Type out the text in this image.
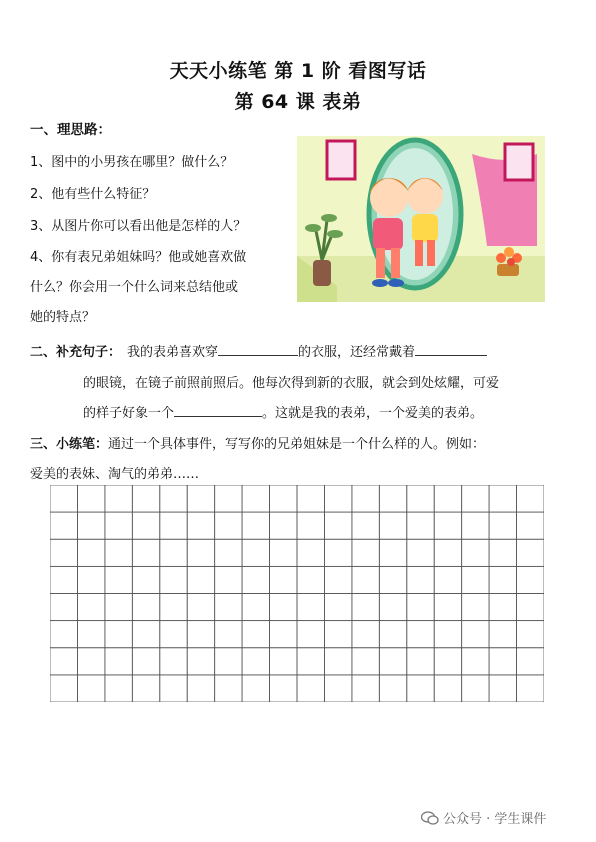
天天小练笔 第 1 阶 看图写话
第 64 课 表弟
一、理思路：
1、图中的小男孩在哪里？做什么？
2、他有些什么特征？
3、从图片你可以看出他是怎样的人？
4、你有表兄弟姐妹吗？他或她喜欢做
什么？你会用一个什么词来总结他或
她的特点？
二、补充句子： 我的表弟喜欢穿	的衣服，还经常戴着
的眼镜，在镜子前照前照后。他每次得到新的衣服，就会到处炫耀，可爱
的样子好象一个	。这就是我的表弟，一个爱美的表弟。
三、小练笔：通过一个具体事件，写写你的兄弟姐妹是一个什么样的人。例如：
爱美的表妹、淘气的弟弟……
公众号 · 学生课件
